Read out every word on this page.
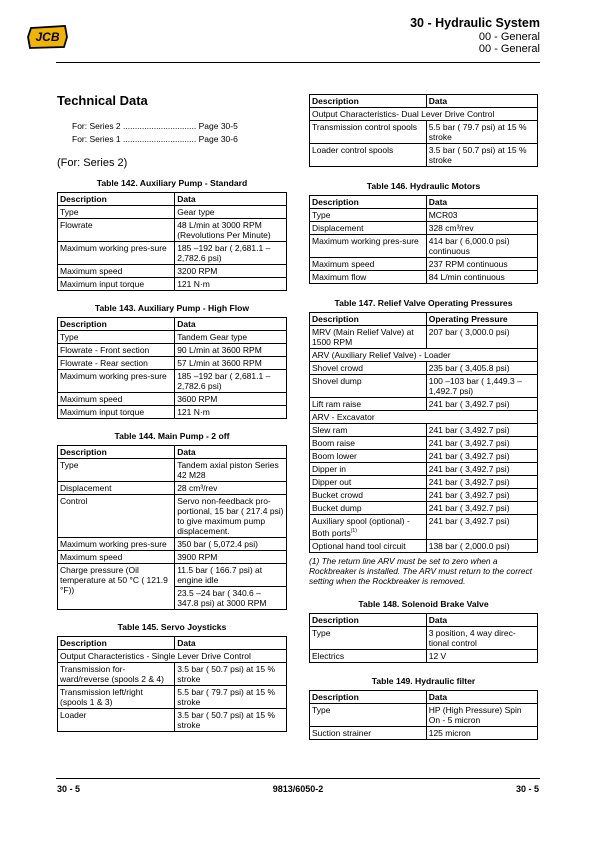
JCB
30 - Hydraulic System
00 - General
00 - General
Technical Data
For: Series 2 ............................... Page 30-5
For: Series 1 ............................... Page 30-6
(For: Series 2)
Table 142. Auxiliary Pump - Standard
Description	Data
Type	Gear type
Flowrate	48 L/min at 3000 RPM (Revolutions Per Minute)
Maximum working pres-sure	185 –192 bar ( 2,681.1 – 2,782.6 psi)
Maximum speed	3200 RPM
Maximum input torque	121 N·m
Table 143. Auxiliary Pump - High Flow
Description	Data
Type	Tandem Gear type
Flowrate - Front section	90 L/min at 3600 RPM
Flowrate - Rear section	57 L/min at 3600 RPM
Maximum working pres-sure	185 –192 bar ( 2,681.1 – 2,782.6 psi)
Maximum speed	3600 RPM
Maximum input torque	121 N·m
Table 144. Main Pump - 2 off
Description	Data
Type	Tandem axial piston Series 42 M28
Displacement	28 cm³/rev
Control	Servo non-feedback pro-portional, 15 bar ( 217.4 psi) to give maximum pump displacement.
Maximum working pres-sure	350 bar ( 5,072.4 psi)
Maximum speed	3900 RPM
Charge pressure (Oil temperature at 50 °C ( 121.9 °F))	11.5 bar ( 166.7 psi) at engine idle
	23.5 –24 bar ( 340.6 – 347.8 psi) at 3000 RPM
Table 145. Servo Joysticks
Description	Data
Output Characteristics - Single Lever Drive Control	
Transmission for-ward/reverse (spools 2 & 4)	3.5 bar ( 50.7 psi) at 15 % stroke
Transmission left/right (spools 1 & 3)	5.5 bar ( 79.7 psi) at 15 % stroke
Loader	3.5 bar ( 50.7 psi) at 15 % stroke
Description	Data
Output Characteristics- Dual Lever Drive Control	
Transmission control spools	5.5 bar ( 79.7 psi) at 15 % stroke
Loader control spools	3.5 bar ( 50.7 psi) at 15 % stroke
Table 146. Hydraulic Motors
Description	Data
Type	MCR03
Displacement	328 cm³/rev
Maximum working pres-sure	414 bar ( 6,000.0 psi) continuous
Maximum speed	237 RPM continuous
Maximum flow	84 L/min continuous
Table 147. Relief Valve Operating Pressures
Description	Operating Pressure
MRV (Main Relief Valve) at 1500 RPM	207 bar ( 3,000.0 psi)
ARV (Auxiliary Relief Valve) - Loader	
Shovel crowd	235 bar ( 3,405.8 psi)
Shovel dump	100 –103 bar ( 1,449.3 – 1,492.7 psi)
Lift ram raise	241 bar ( 3,492.7 psi)
ARV - Excavator	
Slew ram	241 bar ( 3,492.7 psi)
Boom raise	241 bar ( 3,492.7 psi)
Boom lower	241 bar ( 3,492.7 psi)
Dipper in	241 bar ( 3,492.7 psi)
Dipper out	241 bar ( 3,492.7 psi)
Bucket crowd	241 bar ( 3,492.7 psi)
Bucket dump	241 bar ( 3,492.7 psi)
Auxiliary spool (optional) - Both ports$^{(1)}$	241 bar ( 3,492.7 psi)
Optional hand tool circuit	138 bar ( 2,000.0 psi)
(1) The return line ARV must be set to zero when a Rockbreaker is installed. The ARV must return to the correct setting when the Rockbreaker is removed.
Table 148. Solenoid Brake Valve
Description	Data
Type	3 position, 4 way direc-tional control
Electrics	12 V
Table 149. Hydraulic filter
Description	Data
Type	HP (High Pressure) Spin On - 5 micron
Suction strainer	125 micron
30 - 5	9813/6050-2	30 - 5
